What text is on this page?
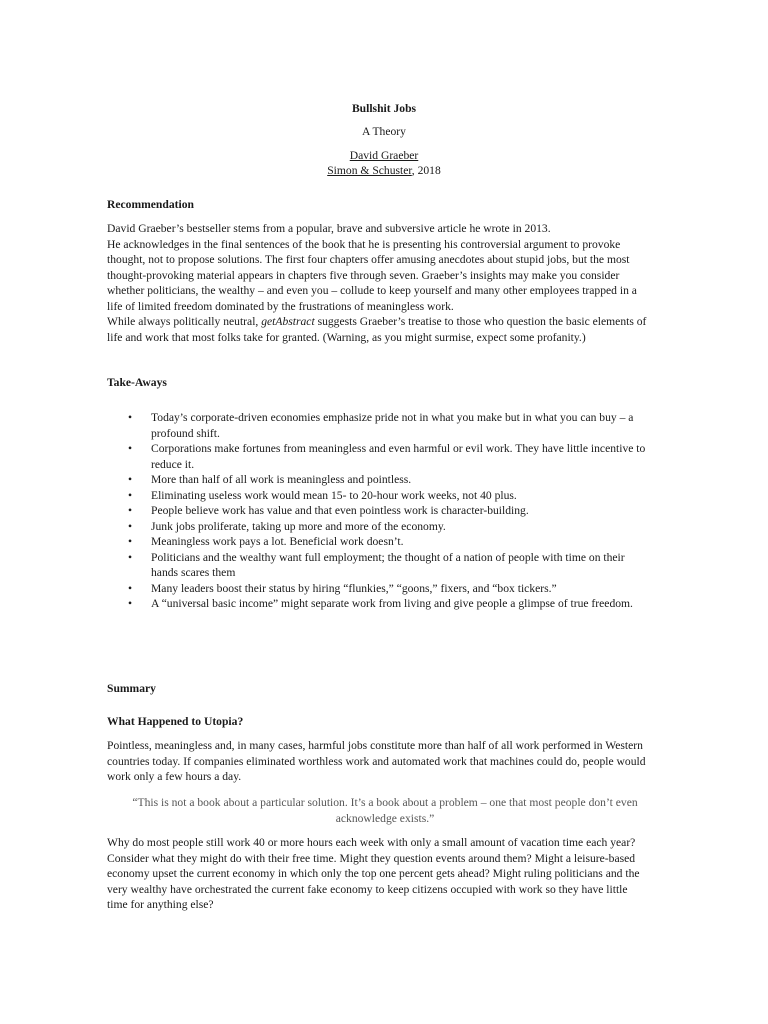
Bullshit Jobs
A Theory
David Graeber
Simon & Schuster, 2018
Recommendation

David Graeber’s bestseller stems from a popular, brave and subversive article he wrote in 2013.

He acknowledges in the final sentences of the book that he is presenting his controversial argument to provoke thought, not to propose solutions. The first four chapters offer amusing anecdotes about stupid jobs, but the most thought-provoking material appears in chapters five through seven. Graeber’s insights may make you consider whether politicians, the wealthy – and even you – collude to keep yourself and many other employees trapped in a life of limited freedom dominated by the frustrations of meaningless work.

While always politically neutral, getAbstract suggests Graeber’s treatise to those who question the basic elements of life and work that most folks take for granted. (Warning, as you might surmise, expect some profanity.)

Take-Aways
• Today’s corporate-driven economies emphasize pride not in what you make but in what you can buy – a profound shift.
• Corporations make fortunes from meaningless and even harmful or evil work. They have little incentive to reduce it.
• More than half of all work is meaningless and pointless.
• Eliminating useless work would mean 15- to 20-hour work weeks, not 40 plus.
• People believe work has value and that even pointless work is character-building.
• Junk jobs proliferate, taking up more and more of the economy.
• Meaningless work pays a lot. Beneficial work doesn’t.
• Politicians and the wealthy want full employment; the thought of a nation of people with time on their hands scares them
• Many leaders boost their status by hiring “flunkies,” “goons,” fixers, and “box tickers.”
• A “universal basic income” might separate work from living and give people a glimpse of true freedom.
Summary
What Happened to Utopia?

Pointless, meaningless and, in many cases, harmful jobs constitute more than half of all work performed in Western countries today. If companies eliminated worthless work and automated work that machines could do, people would work only a few hours a day.

“This is not a book about a particular solution. It’s a book about a problem – one that most people don’t even acknowledge exists.”

Why do most people still work 40 or more hours each week with only a small amount of vacation time each year? Consider what they might do with their free time. Might they question events around them? Might a leisure-based economy upset the current economy in which only the top one percent gets ahead? Might ruling politicians and the very wealthy have orchestrated the current fake economy to keep citizens occupied with work so they have little time for anything else?
